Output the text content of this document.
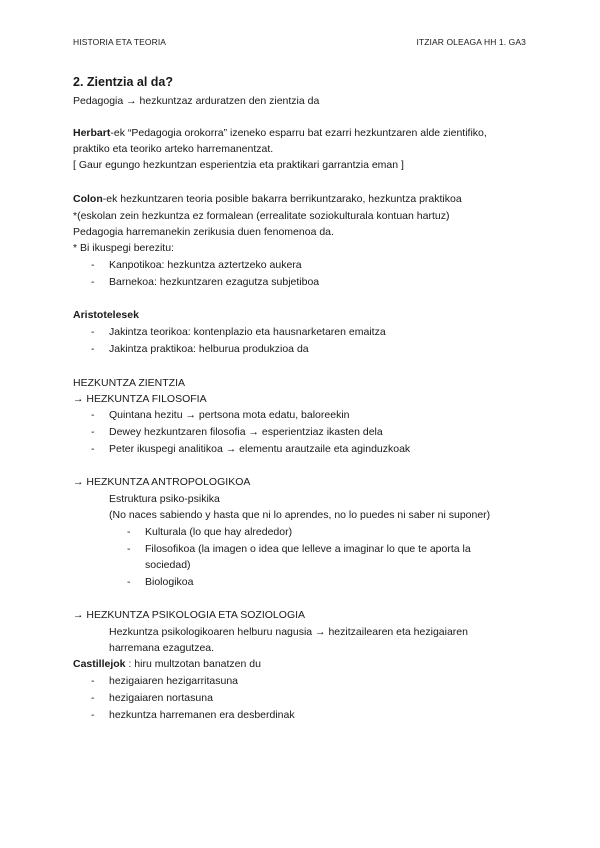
HISTORIA ETA TEORIA	ITZIAR OLEAGA HH 1. GA3
2. Zientzia al da?
Pedagogia → hezkuntzaz arduratzen den zientzia da
Herbart-ek “Pedagogia orokorra” izeneko esparru bat ezarri hezkuntzaren alde zientifiko,
praktiko eta teoriko arteko harremanentzat.
[ Gaur egungo hezkuntzan esperientzia eta praktikari garrantzia eman ]
Colon-ek hezkuntzaren teoria posible bakarra berrikuntzarako, hezkuntza praktikoa
*(eskolan zein hezkuntza ez formalean (errealitate soziokulturala kontuan hartuz)
Pedagogia harremanekin zerikusia duen fenomenoa da.
* Bi ikuspegi berezitu:
- Kanpotikoa: hezkuntza aztertzeko aukera
- Barnekoa: hezkuntzaren ezagutza subjetiboa
Aristotelesek
- Jakintza teorikoa: kontenplazio eta hausnarketaren emaitza
- Jakintza praktikoa: helburua produkzioa da
HEZKUNTZA ZIENTZIA
→ HEZKUNTZA FILOSOFIA
- Quintana hezitu → pertsona mota edatu, baloreekin
- Dewey hezkuntzaren filosofia → esperientziaz ikasten dela
- Peter ikuspegi analitikoa → elementu arautzaile eta aginduzkoak
→ HEZKUNTZA ANTROPOLOGIKOA
Estruktura psiko-psikika
(No naces sabiendo y hasta que ni lo aprendes, no lo puedes ni saber ni suponer)
- Kulturala (lo que hay alrededor)
- Filosofikoa (la imagen o idea que lelleve a imaginar lo que te aporta la
sociedad)
- Biologikoa
→ HEZKUNTZA PSIKOLOGIA ETA SOZIOLOGIA
Hezkuntza psikologikoaren helburu nagusia → hezitzailearen eta hezigaiaren
harremana ezagutzea.
Castillejok : hiru multzotan banatzen du
- hezigaiaren hezigarritasuna
- hezigaiaren nortasuna
- hezkuntza harremanen era desberdinak
